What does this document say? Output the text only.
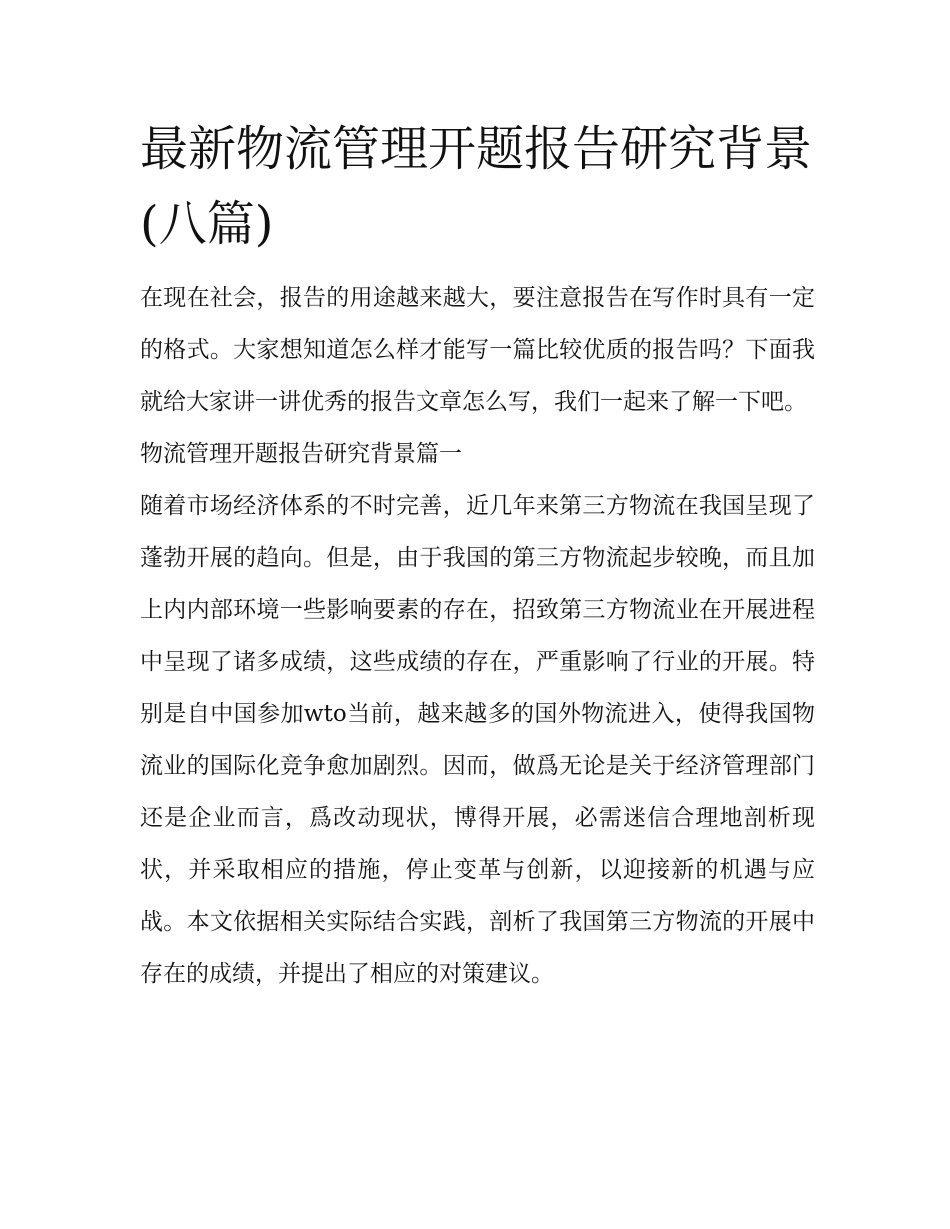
最新物流管理开题报告研究背景(八篇)

在现在社会，报告的用途越来越大，要注意报告在写作时具有一定的格式。大家想知道怎么样才能写一篇比较优质的报告吗？下面我就给大家讲一讲优秀的报告文章怎么写，我们一起来了解一下吧。

物流管理开题报告研究背景篇一

随着市场经济体系的不时完善，近几年来第三方物流在我国呈现了蓬勃开展的趋向。但是，由于我国的第三方物流起步较晚，而且加上内内部环境一些影响要素的存在，招致第三方物流业在开展进程中呈现了诸多成绩，这些成绩的存在，严重影响了行业的开展。特别是自中国参加wto当前，越来越多的国外物流进入，使得我国物流业的国际化竞争愈加剧烈。因而，做爲无论是关于经济管理部门还是企业而言，爲改动现状，博得开展，必需迷信合理地剖析现状，并采取相应的措施，停止变革与创新，以迎接新的机遇与应战。本文依据相关实际结合实践，剖析了我国第三方物流的开展中存在的成绩，并提出了相应的对策建议。
